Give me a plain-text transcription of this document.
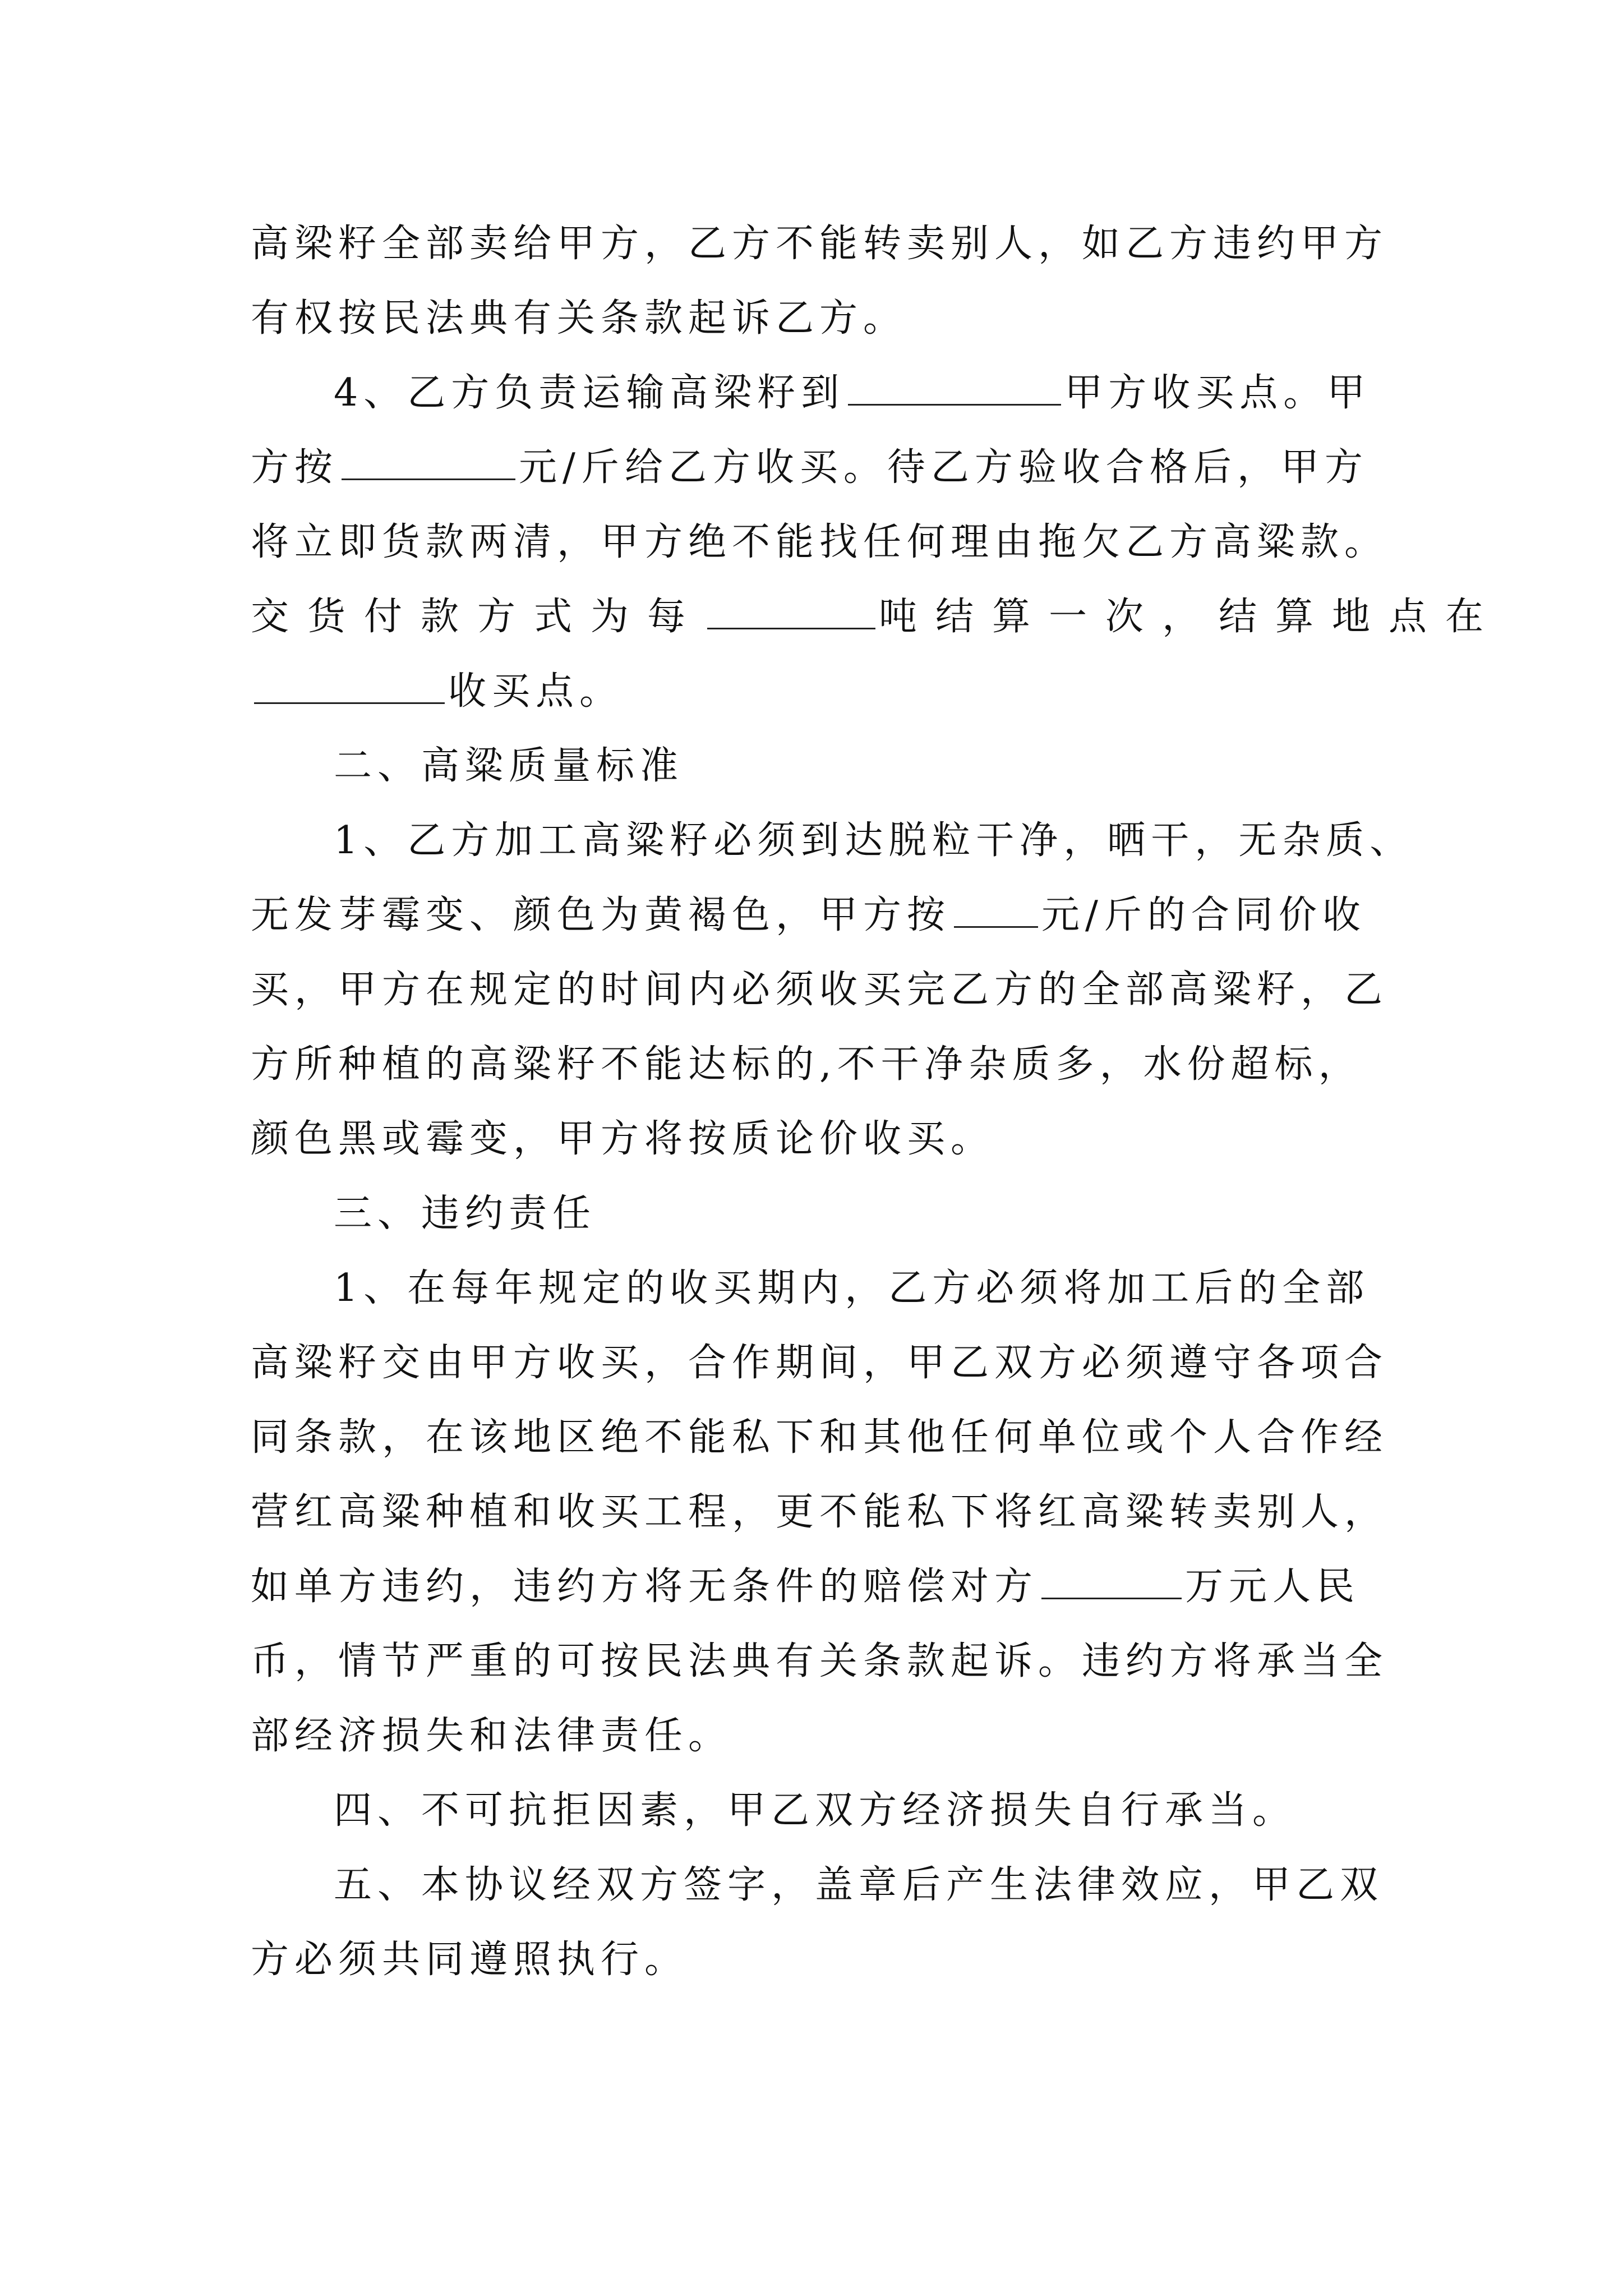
高梁籽全部卖给甲方，乙方不能转卖别人，如乙方违约甲方
有权按民法典有关条款起诉乙方。
4、乙方负责运输高梁籽到	甲方收买点。甲
方按	元/斤给乙方收买。待乙方验收合格后，甲方
将立即货款两清，甲方绝不能找任何理由拖欠乙方高粱款。
交货付款方式为每	吨结算一次，结算地点在
收买点。
二、高粱质量标准
1、乙方加工高粱籽必须到达脱粒干净，晒干，无杂质、
无发芽霉变、颜色为黄褐色，甲方按 元/斤的合同价收
买，甲方在规定的时间内必须收买完乙方的全部高粱籽，乙
方所种植的高粱籽不能达标的,不干净杂质多，水份超标，
颜色黑或霉变，甲方将按质论价收买。
三、违约责任
1、在每年规定的收买期内，乙方必须将加工后的全部
高粱籽交由甲方收买，合作期间，甲乙双方必须遵守各项合
同条款，在该地区绝不能私下和其他任何单位或个人合作经
营红高粱种植和收买工程，更不能私下将红高粱转卖别人，
如单方违约，违约方将无条件的赔偿对方	万元人民
币，情节严重的可按民法典有关条款起诉。违约方将承当全
部经济损失和法律责任。
四、不可抗拒因素，甲乙双方经济损失自行承当。
五、本协议经双方签字，盖章后产生法律效应，甲乙双
方必须共同遵照执行。
